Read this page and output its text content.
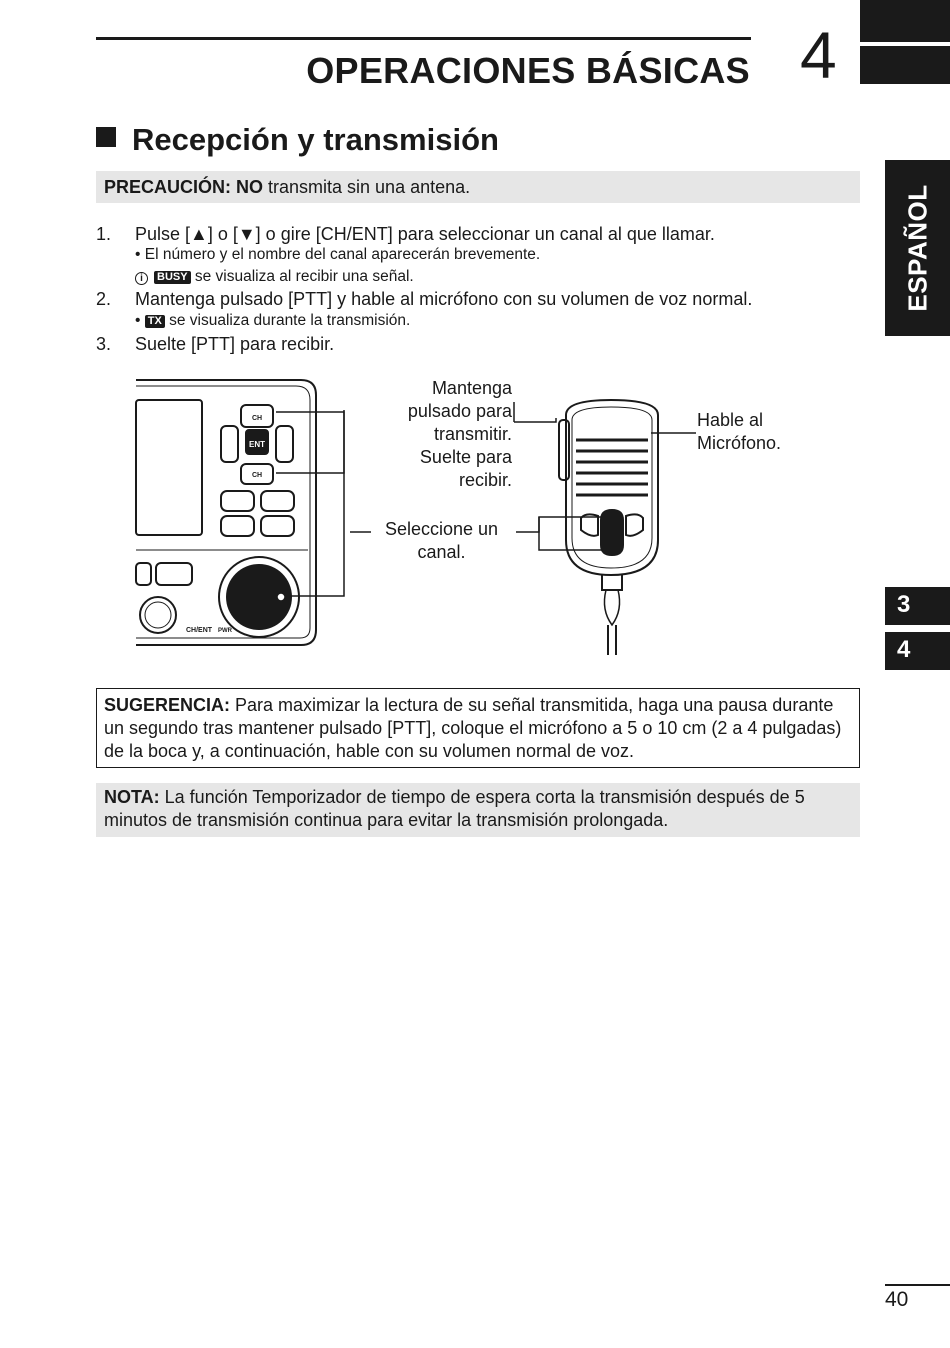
OPERACIONES BÁSICAS 4
ESPAÑOL
3
4
Recepción y transmisión
PRECAUCIÓN: NO transmita sin una antena.
1. Pulse [▲] o [▼] o gire [CH/ENT] para seleccionar un canal al que llamar.
• El número y el nombre del canal aparecerán brevemente.
i BUSY se visualiza al recibir una señal.
2. Mantenga pulsado [PTT] y hable al micrófono con su volumen de voz normal.
• TX se visualiza durante la transmisión.
3. Suelte [PTT] para recibir.
ENT
CH
CH
CH/ENT PWR
Mantenga
pulsado para
transmitir.
Suelte para
recibir.
Hable al
Micrófono.
Seleccione un
canal.
SUGERENCIA: Para maximizar la lectura de su señal transmitida, haga una pausa durante un segundo tras mantener pulsado [PTT], coloque el micrófono a 5 o 10 cm (2 a 4 pulgadas) de la boca y, a continuación, hable con su volumen normal de voz.
NOTA: La función Temporizador de tiempo de espera corta la transmisión después de 5 minutos de transmisión continua para evitar la transmisión prolongada.
40
